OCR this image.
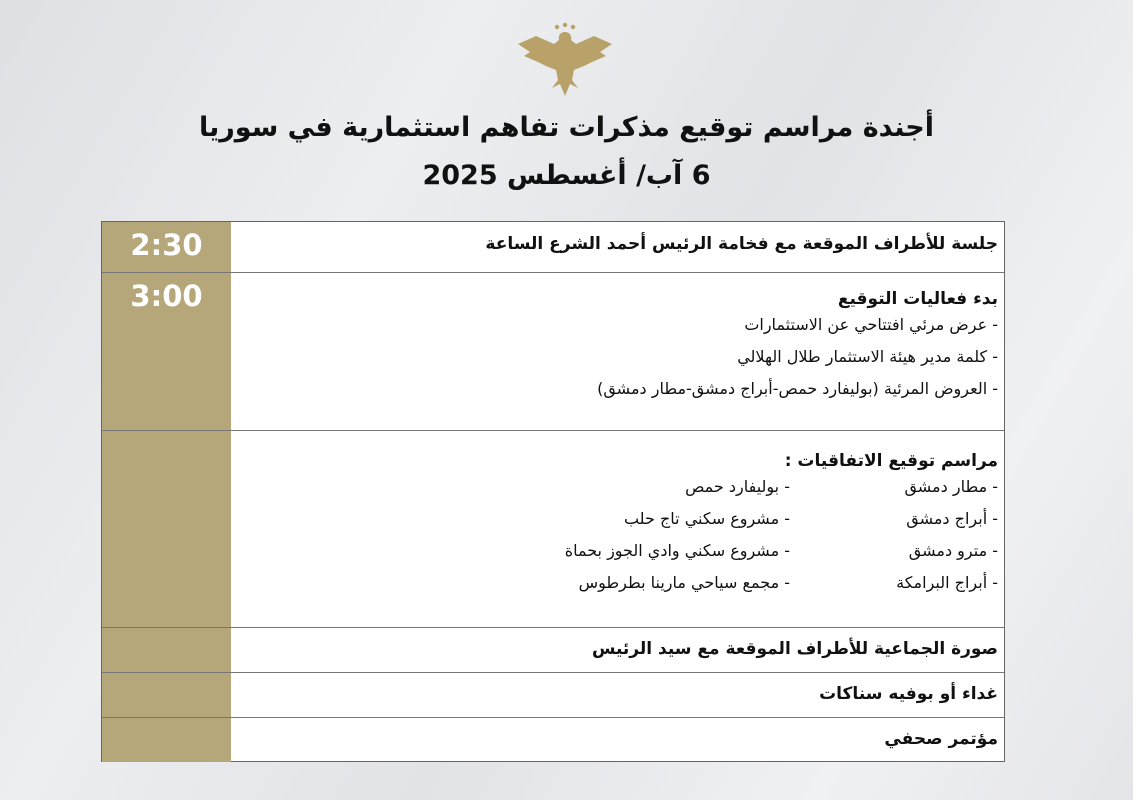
أجندة مراسم توقيع مذكرات تفاهم استثمارية في سوريا
6 آب/ أغسطس 2025
2:30	جلسة للأطراف الموقعة مع فخامة الرئيس أحمد الشرع الساعة
3:00	بدء فعاليات التوقيع
- عرض مرئي افتتاحي عن الاستثمارات
- كلمة مدير هيئة الاستثمار طلال الهلالي
- العروض المرئية (بوليفارد حمص-أبراج دمشق-مطار دمشق)
مراسم توقيع الاتفاقيات :
- مطار دمشق
- أبراج دمشق
- مترو دمشق
- أبراج البرامكة
- بوليفارد حمص
- مشروع سكني تاج حلب
- مشروع سكني وادي الجوز بحماة
- مجمع سياحي مارينا بطرطوس
صورة الجماعية للأطراف الموقعة مع سيد الرئيس
غداء أو بوفيه سناكات
مؤتمر صحفي
